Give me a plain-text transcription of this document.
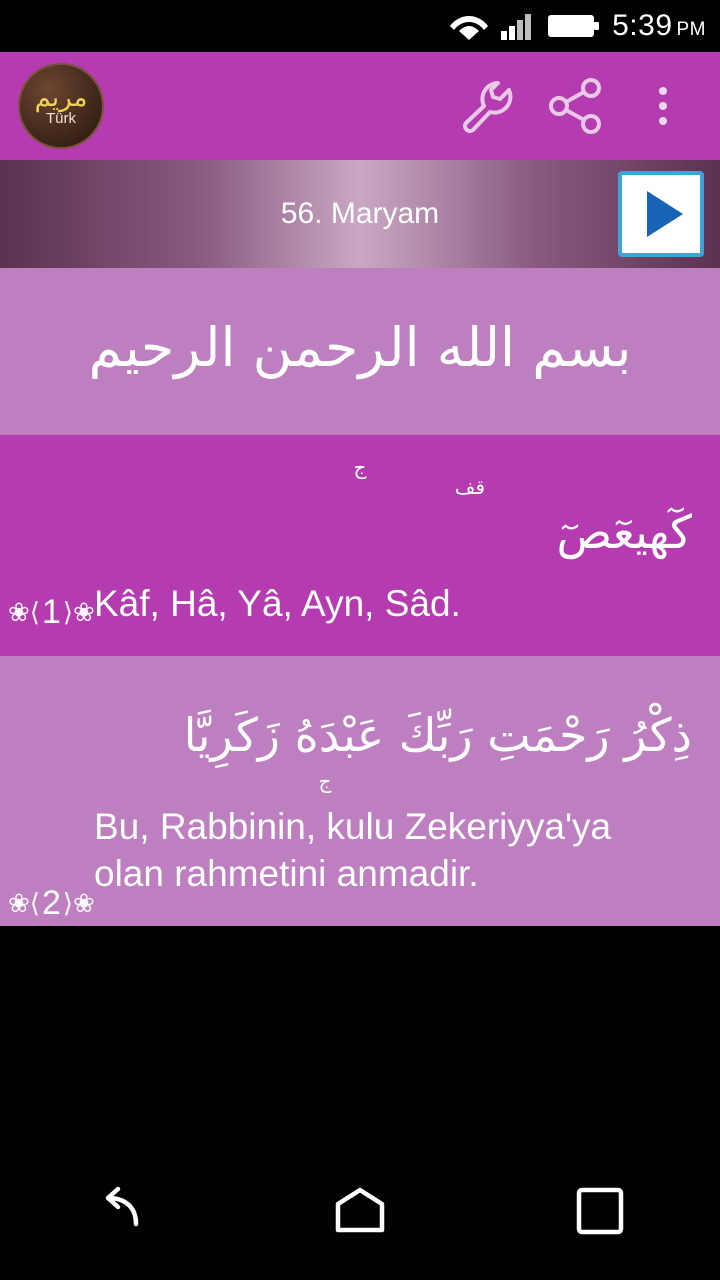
5:39 PM
مريم
Türk
56. Maryam
بسم الله الرحمن الرحيم
ج
قف
كٓهيعٓصٓ
❀⟨ 1 ⟩❀ Kâf, Hâ, Yâ, Ayn, Sâd.
ذِكْرُ رَحْمَتِ رَبِّكَ عَبْدَهُ زَكَرِيَّا
ج
❀⟨ 2 ⟩❀
Bu, Rabbinin, kulu Zekeriyya'ya olan rahmetini anmadir.
